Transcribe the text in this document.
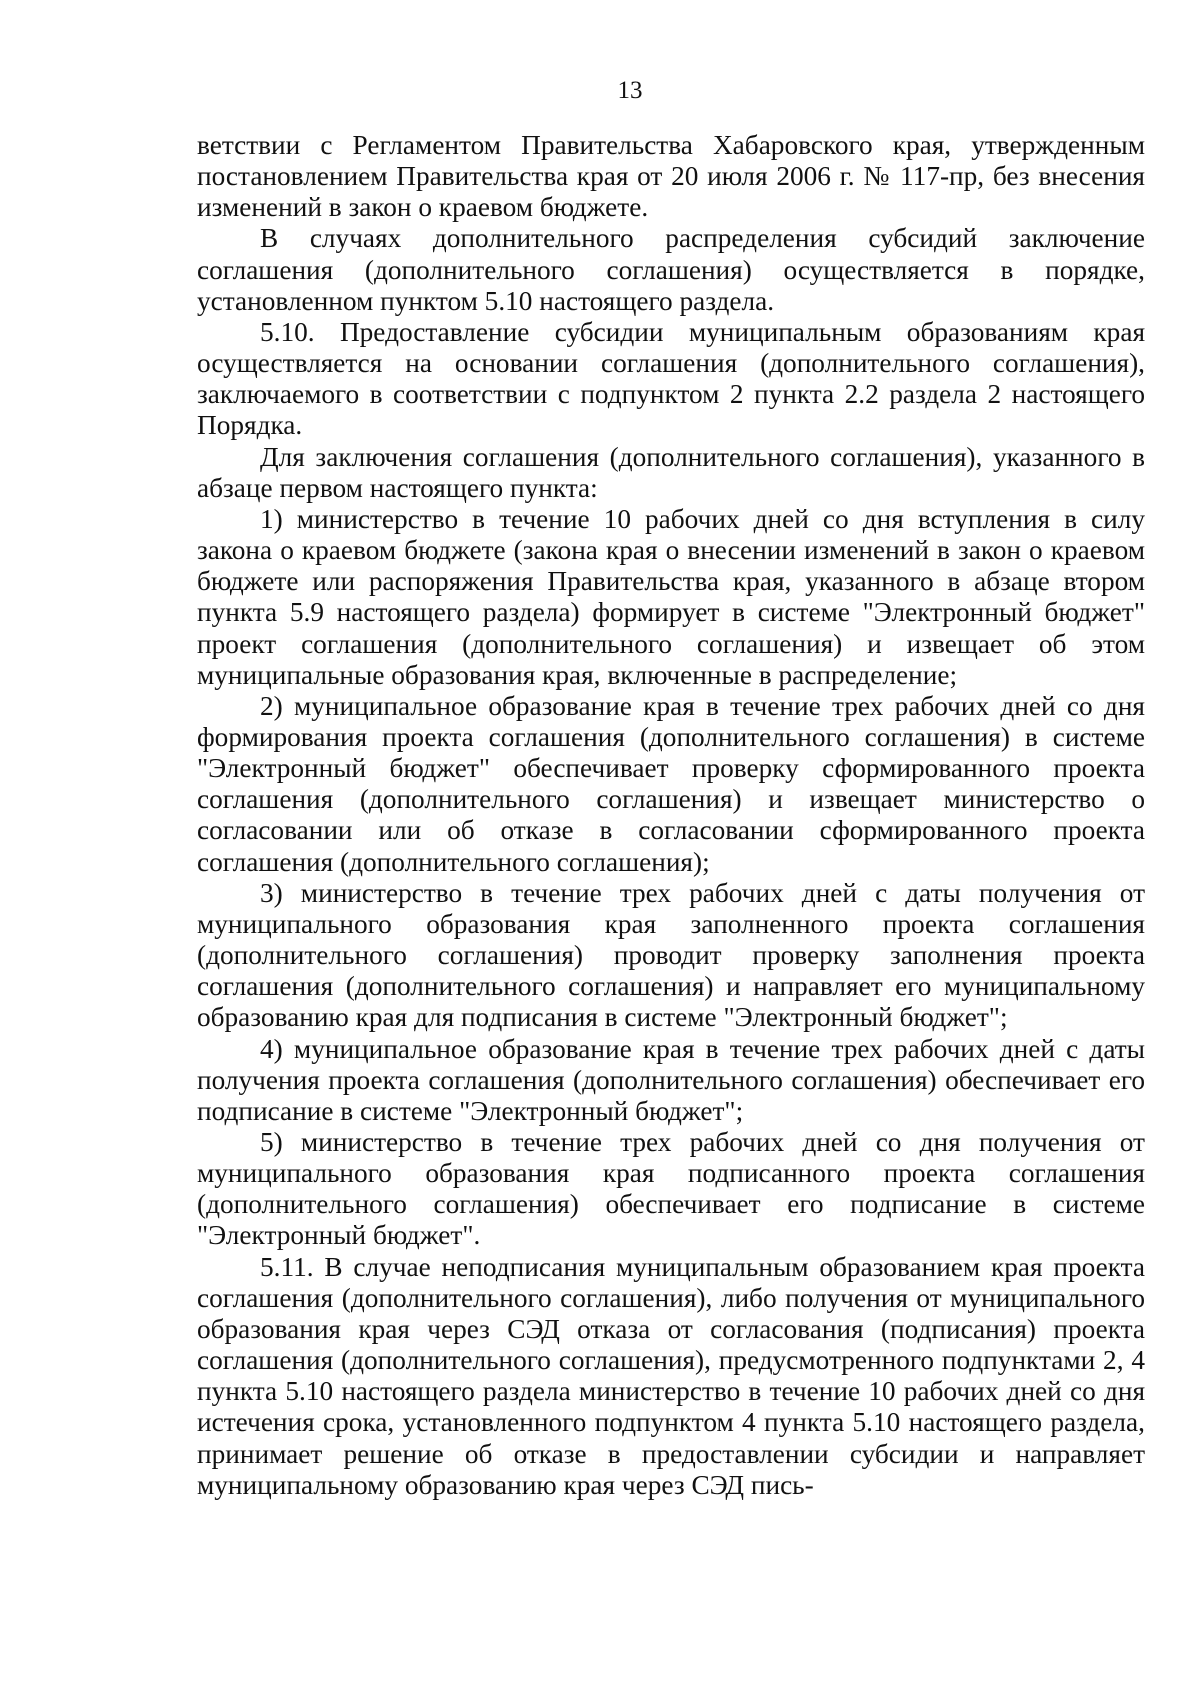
13

ветствии с Регламентом Правительства Хабаровского края, утвержденным постановлением Правительства края от 20 июля 2006 г. № 117-пр, без внесения изменений в закон о краевом бюджете.

В случаях дополнительного распределения субсидий заключение соглашения (дополнительного соглашения) осуществляется в порядке, установленном пунктом 5.10 настоящего раздела.

5.10. Предоставление субсидии муниципальным образованиям края осуществляется на основании соглашения (дополнительного соглашения), заключаемого в соответствии с подпунктом 2 пункта 2.2 раздела 2 настоящего Порядка.

Для заключения соглашения (дополнительного соглашения), указанного в абзаце первом настоящего пункта:

1) министерство в течение 10 рабочих дней со дня вступления в силу закона о краевом бюджете (закона края о внесении изменений в закон о краевом бюджете или распоряжения Правительства края, указанного в абзаце втором пункта 5.9 настоящего раздела) формирует в системе "Электронный бюджет" проект соглашения (дополнительного соглашения) и извещает об этом муниципальные образования края, включенные в распределение;

2) муниципальное образование края в течение трех рабочих дней со дня формирования проекта соглашения (дополнительного соглашения) в системе "Электронный бюджет" обеспечивает проверку сформированного проекта соглашения (дополнительного соглашения) и извещает министерство о согласовании или об отказе в согласовании сформированного проекта соглашения (дополнительного соглашения);

3) министерство в течение трех рабочих дней с даты получения от муниципального образования края заполненного проекта соглашения (дополнительного соглашения) проводит проверку заполнения проекта соглашения (дополнительного соглашения) и направляет его муниципальному образованию края для подписания в системе "Электронный бюджет";

4) муниципальное образование края в течение трех рабочих дней с даты получения проекта соглашения (дополнительного соглашения) обеспечивает его подписание в системе "Электронный бюджет";

5) министерство в течение трех рабочих дней со дня получения от муниципального образования края подписанного проекта соглашения (дополнительного соглашения) обеспечивает его подписание в системе "Электронный бюджет".

5.11. В случае неподписания муниципальным образованием края проекта соглашения (дополнительного соглашения), либо получения от муниципального образования края через СЭД отказа от согласования (подписания) проекта соглашения (дополнительного соглашения), предусмотренного подпунктами 2, 4 пункта 5.10 настоящего раздела министерство в течение 10 рабочих дней со дня истечения срока, установленного подпунктом 4 пункта 5.10 настоящего раздела, принимает решение об отказе в предоставлении субсидии и направляет муниципальному образованию края через СЭД пись-
